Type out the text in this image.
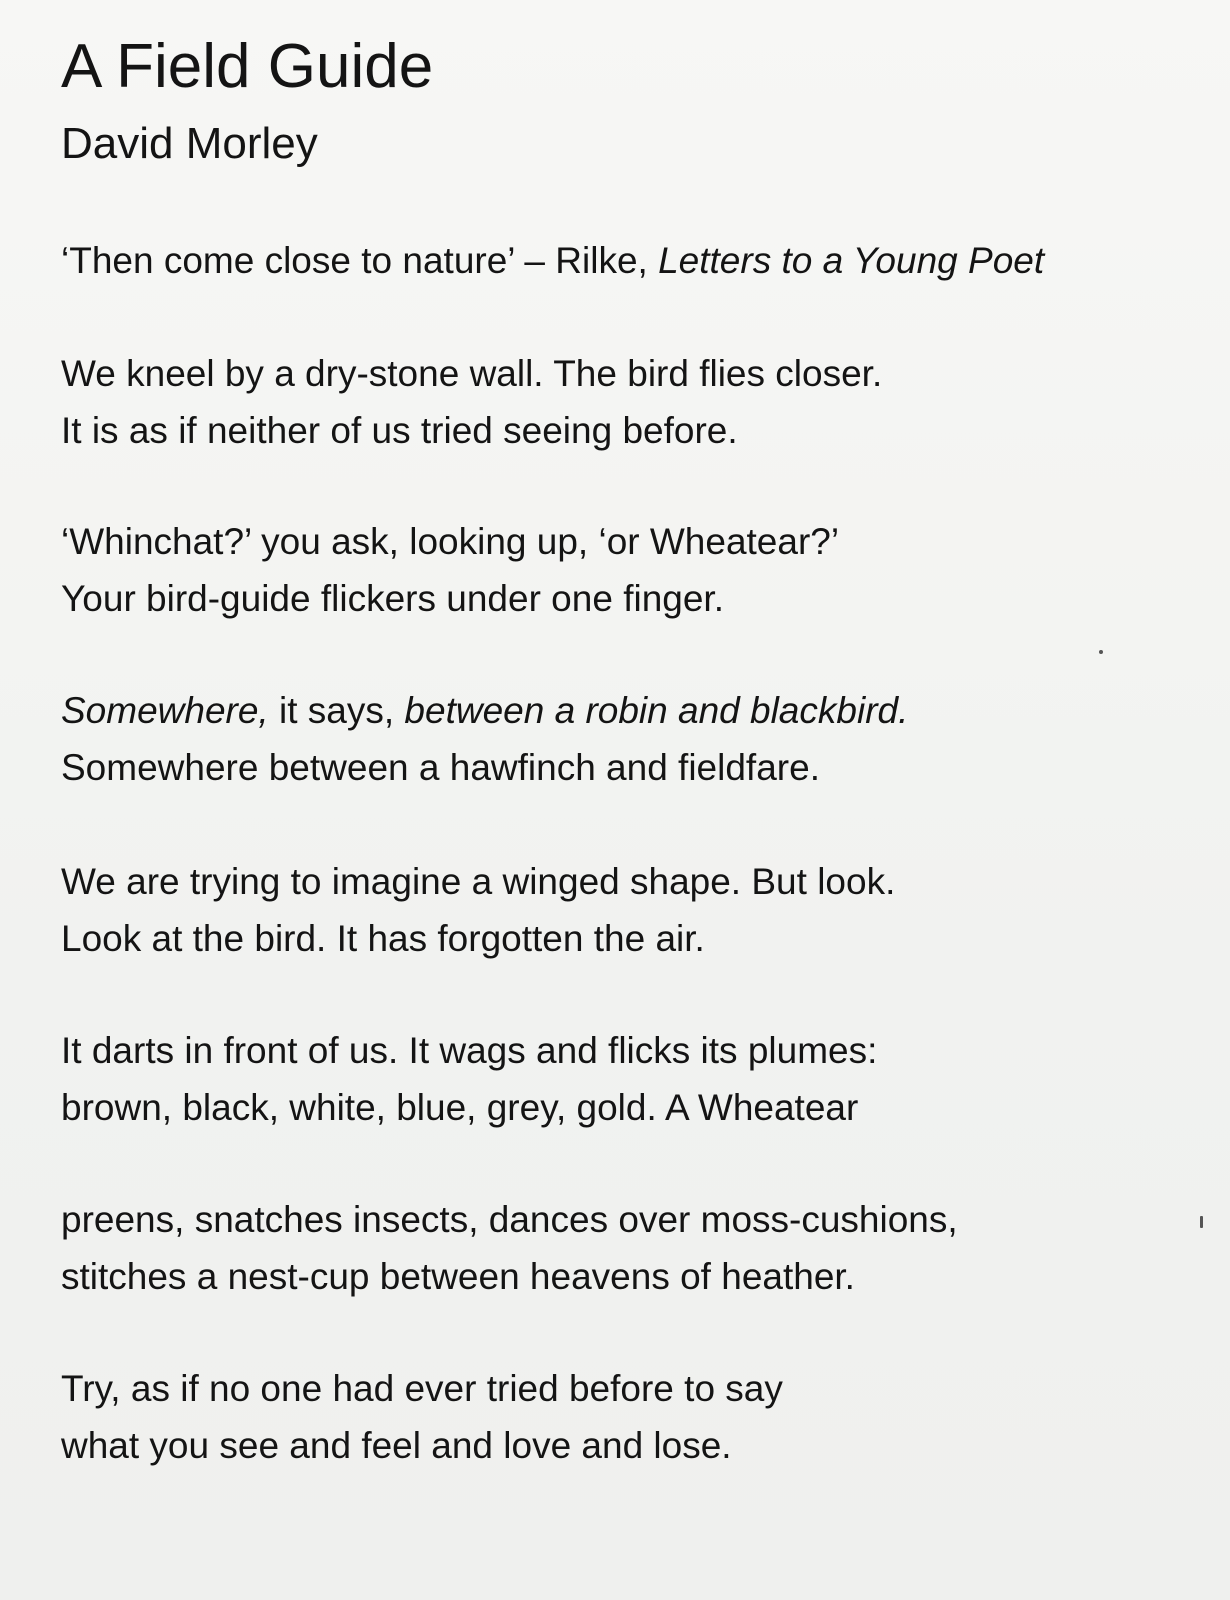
A Field Guide
David Morley

‘Then come close to nature’ – Rilke, Letters to a Young Poet

We kneel by a dry-stone wall. The bird flies closer.
It is as if neither of us tried seeing before.

‘Whinchat?’ you ask, looking up, ‘or Wheatear?’
Your bird-guide flickers under one finger.

Somewhere, it says, between a robin and blackbird.
Somewhere between a hawfinch and fieldfare.

We are trying to imagine a winged shape. But look.
Look at the bird. It has forgotten the air.

It darts in front of us. It wags and flicks its plumes:
brown, black, white, blue, grey, gold. A Wheatear

preens, snatches insects, dances over moss-cushions,
stitches a nest-cup between heavens of heather.

Try, as if no one had ever tried before to say
what you see and feel and love and lose.
